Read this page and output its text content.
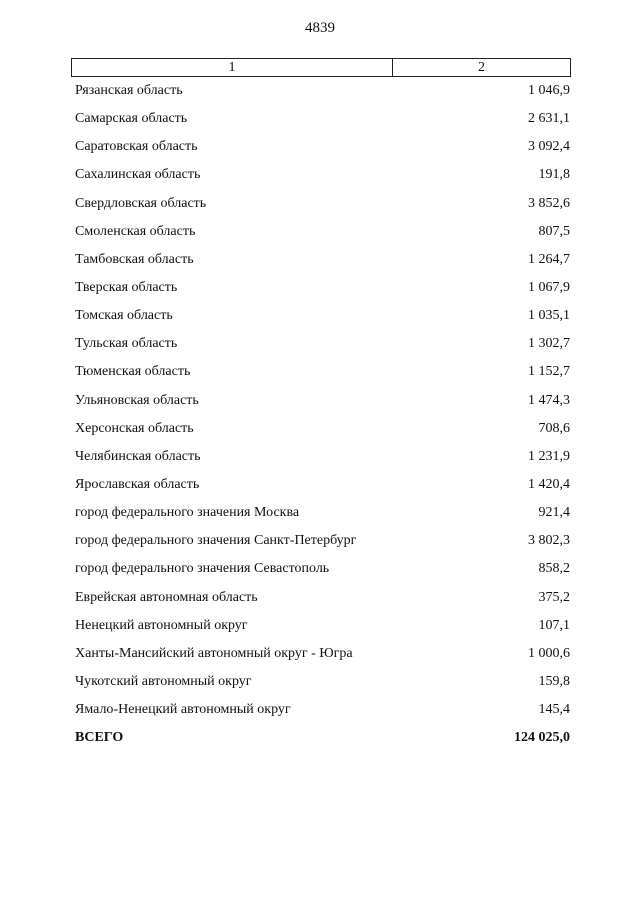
4839
1	2
Рязанская область	1 046,9
Самарская область	2 631,1
Саратовская область	3 092,4
Сахалинская область	191,8
Свердловская область	3 852,6
Смоленская область	807,5
Тамбовская область	1 264,7
Тверская область	1 067,9
Томская область	1 035,1
Тульская область	1 302,7
Тюменская область	1 152,7
Ульяновская область	1 474,3
Херсонская область	708,6
Челябинская область	1 231,9
Ярославская область	1 420,4
город федерального значения Москва	921,4
город федерального значения Санкт-Петербург	3 802,3
город федерального значения Севастополь	858,2
Еврейская автономная область	375,2
Ненецкий автономный округ	107,1
Ханты-Мансийский автономный округ - Югра	1 000,6
Чукотский автономный округ	159,8
Ямало-Ненецкий автономный округ	145,4
ВСЕГО	124 025,0
